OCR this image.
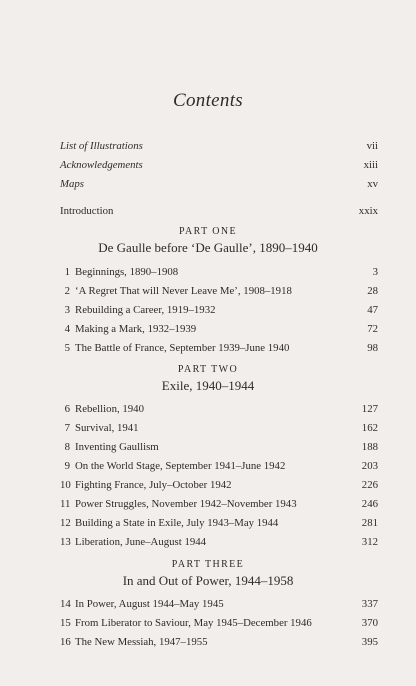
Contents
List of Illustrations	vii
Acknowledgements	xiii
Maps	xv
Introduction	xxix
PART ONE
De Gaulle before ‘De Gaulle’, 1890–1940
1 Beginnings, 1890–1908	3
2 ‘A Regret That will Never Leave Me’, 1908–1918	28
3 Rebuilding a Career, 1919–1932	47
4 Making a Mark, 1932–1939	72
5 The Battle of France, September 1939–June 1940	98
PART TWO
Exile, 1940–1944
6 Rebellion, 1940	127
7 Survival, 1941	162
8 Inventing Gaullism	188
9 On the World Stage, September 1941–June 1942	203
10 Fighting France, July–October 1942	226
11 Power Struggles, November 1942–November 1943	246
12 Building a State in Exile, July 1943–May 1944	281
13 Liberation, June–August 1944	312
PART THREE
In and Out of Power, 1944–1958
14 In Power, August 1944–May 1945	337
15 From Liberator to Saviour, May 1945–December 1946	370
16 The New Messiah, 1947–1955	395
